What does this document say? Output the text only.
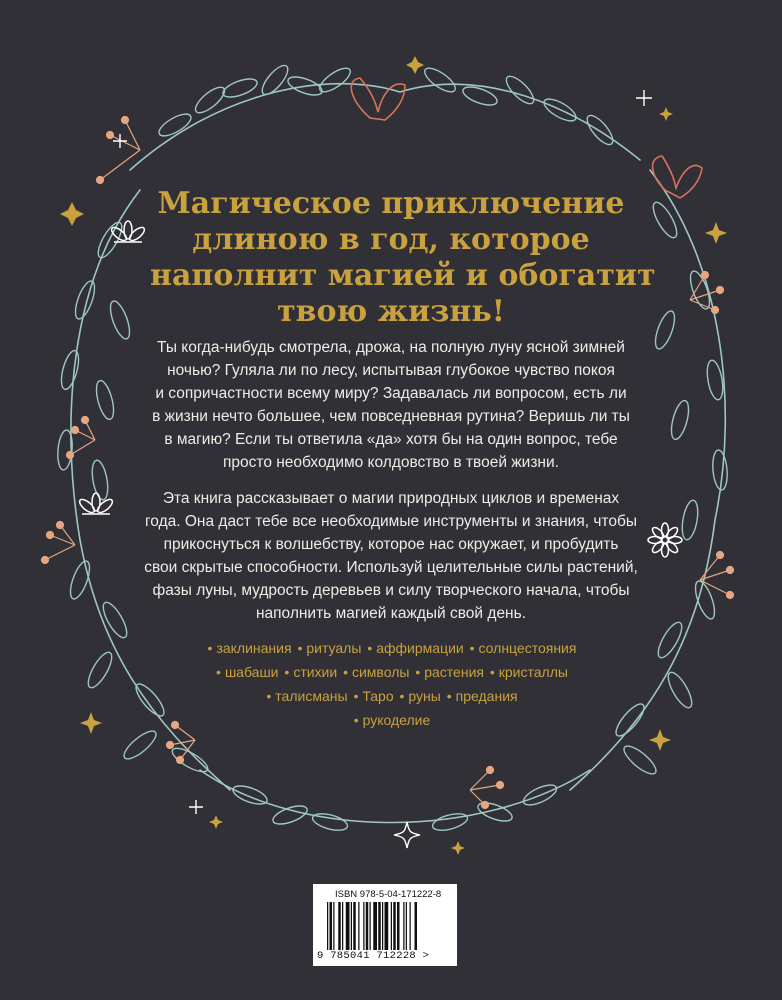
Магическое приключение
длиною в год, которое
наполнит магией и обогатит
твою жизнь!

Ты когда-нибудь смотрела, дрожа, на полную луну ясной зимней
ночью? Гуляла ли по лесу, испытывая глубокое чувство покоя
и сопричастности всему миру? Задавалась ли вопросом, есть ли
в жизни нечто большее, чем повседневная рутина? Веришь ли ты
в магию? Если ты ответила «да» хотя бы на один вопрос, тебе
просто необходимо колдовство в твоей жизни.

Эта книга рассказывает о магии природных циклов и временах
года. Она даст тебе все необходимые инструменты и знания, чтобы
прикоснуться к волшебству, которое нас окружает, и пробудить
свои скрытые способности. Используй целительные силы растений,
фазы луны, мудрость деревьев и силу творческого начала, чтобы
наполнить магией каждый свой день.

• заклинания • ритуалы • аффирмации • солнцестояния
• шабаши • стихии • символы • растения • кристаллы
• талисманы • Таро • руны • предания
• рукоделие
ISBN 978-5-04-171222-8
9 785041 712228 >
